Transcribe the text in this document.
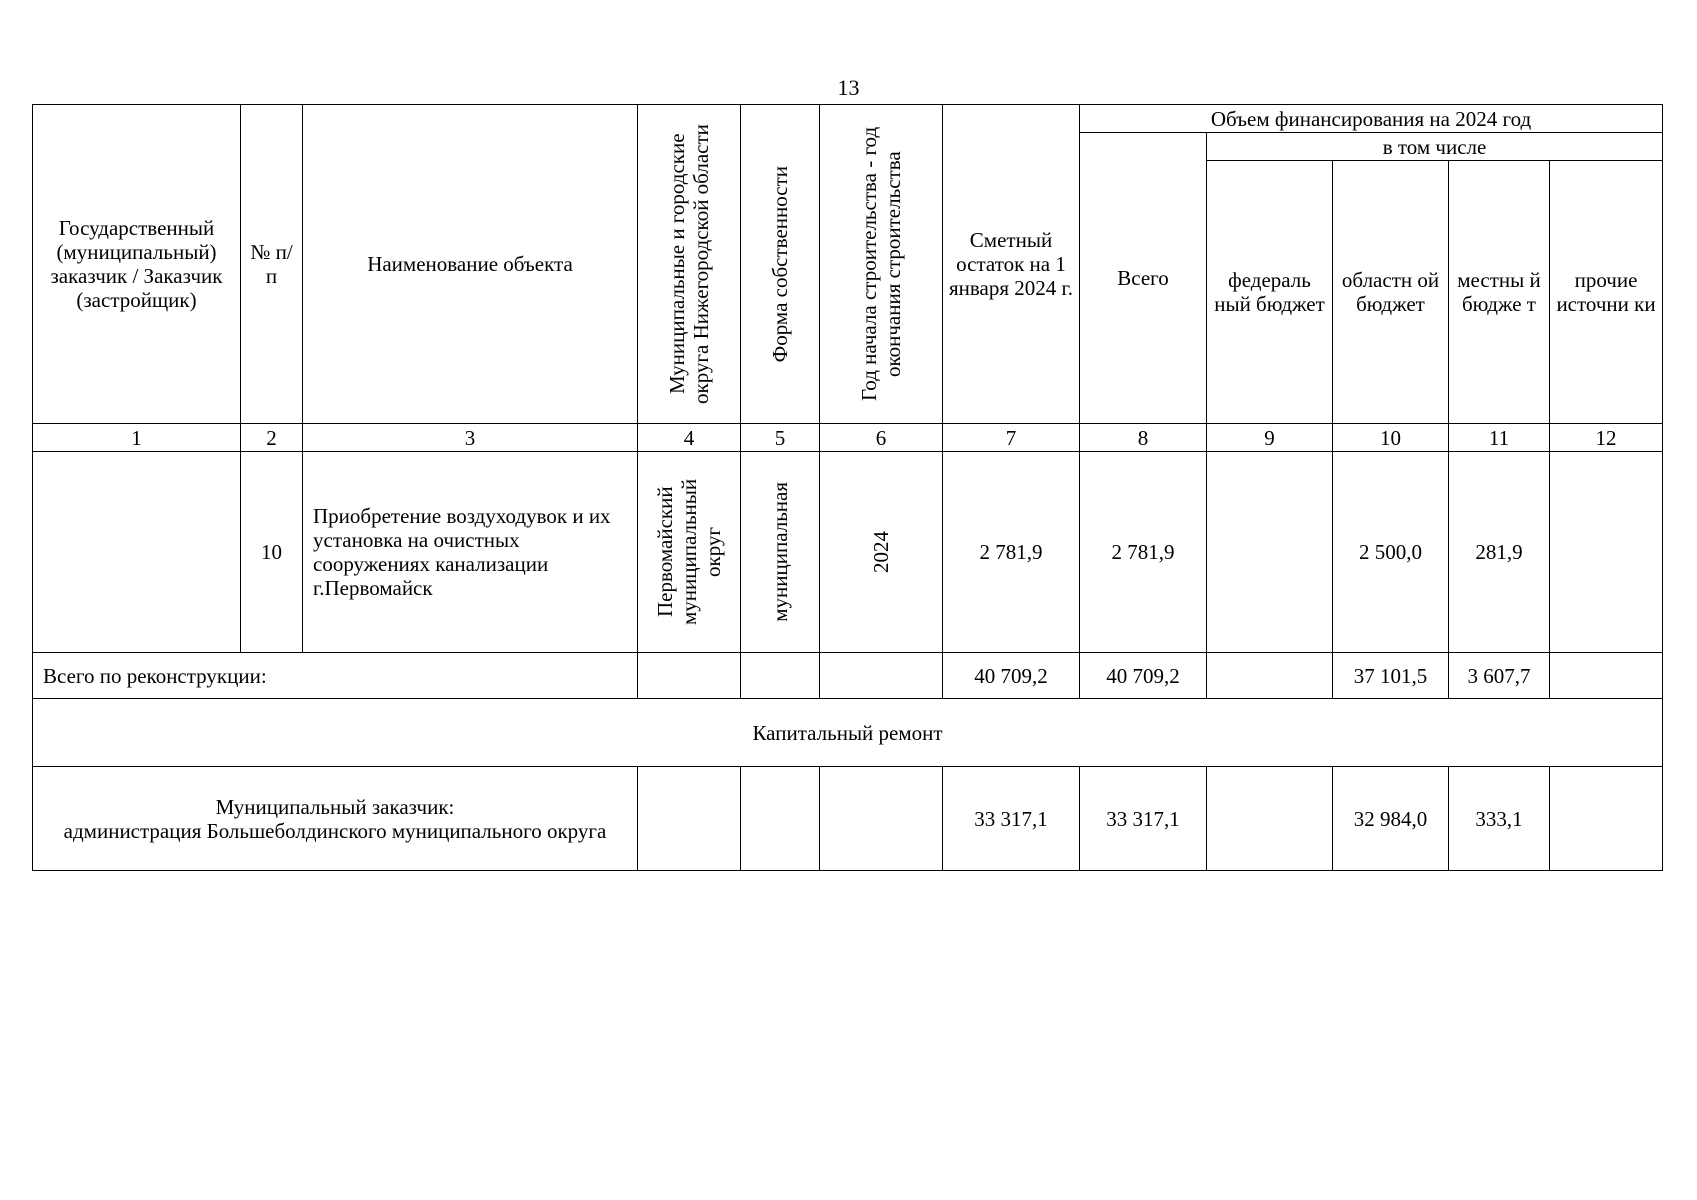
13
Государственный (муниципальный) заказчик / Заказчик (застройщик)	№ п/п	Наименование объекта	Муниципальные и городские округа Нижегородской области	Форма собственности	Год начала строительства - год окончания строительства	Сметный остаток на 1 января 2024 г.	Объем финансирования на 2024 год				
							Всего	в том числе			
								федераль ный бюджет	областн ой бюджет	местны й бюдже т	прочие источни ки
1	2	3	4	5	6	7	8	9	10	11	12
	10	Приобретение воздуходувок и их установка на очистных сооружениях канализации г.Первомайск	Первомайский муниципальный округ	муниципальная	2024	2 781,9	2 781,9		2 500,0	281,9	
Всего по реконструкции:						40 709,2	40 709,2		37 101,5	3 607,7	
Капитальный ремонт											

Муниципальный заказчик:
администрация Большеболдинского муниципального округа						33 317,1	33 317,1		32 984,0	333,1	
